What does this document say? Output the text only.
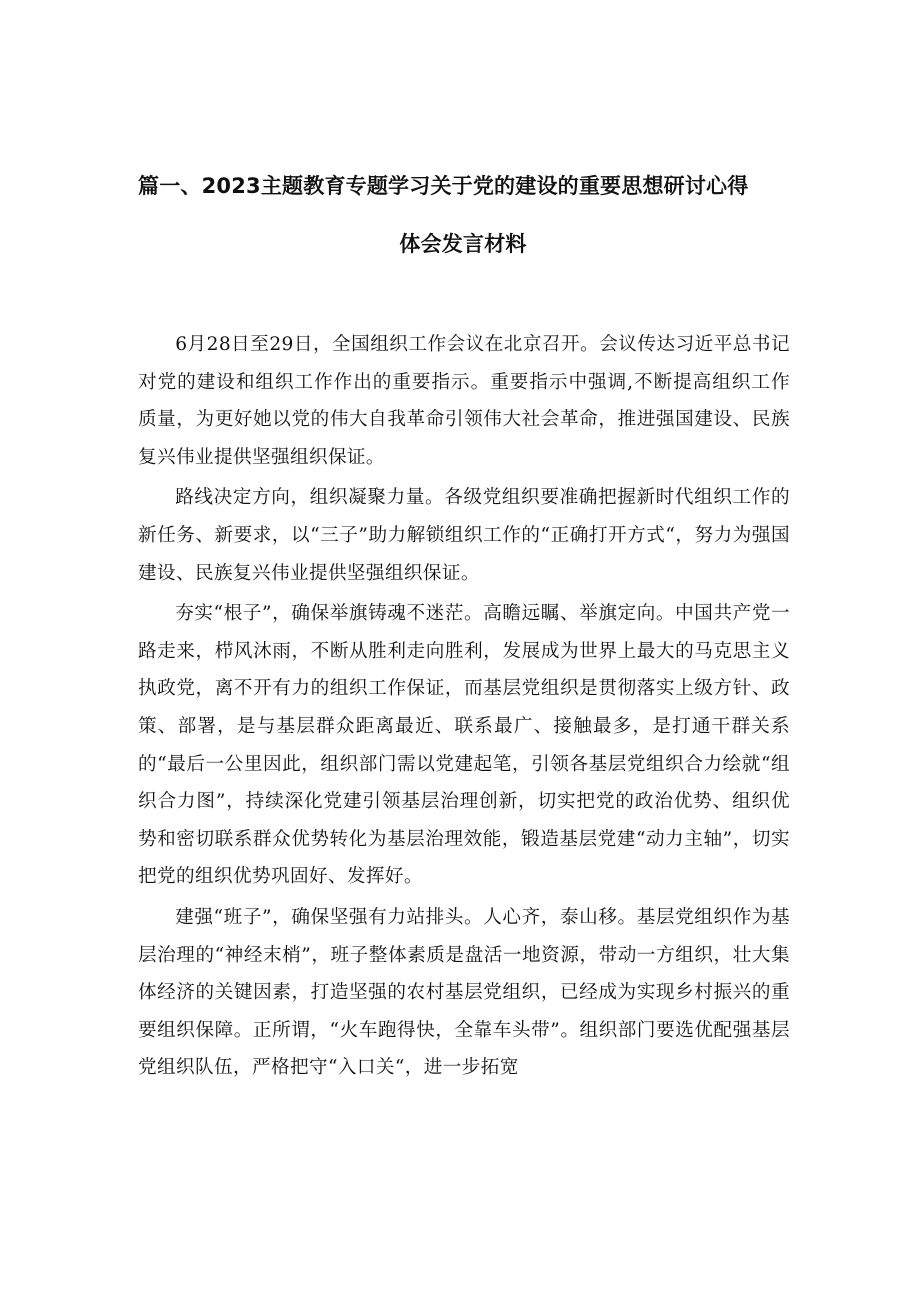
篇一、2023主题教育专题学习关于党的建设的重要思想研讨心得
体会发言材料

6月28日至29日，全国组织工作会议在北京召开。会议传达习近平总书记对党的建设和组织工作作出的重要指示。重要指示中强调,不断提高组织工作质量，为更好她以党的伟大自我革命引领伟大社会革命，推进强国建设、民族复兴伟业提供坚强组织保证。

路线决定方向，组织凝聚力量。各级党组织要准确把握新时代组织工作的新任务、新要求，以“三子”助力解锁组织工作的“正确打开方式“，努力为强国建设、民族复兴伟业提供坚强组织保证。

夯实“根子”，确保举旗铸魂不迷茫。高瞻远瞩、举旗定向。中国共产党一路走来，栉风沐雨，不断从胜利走向胜利，发展成为世界上最大的马克思主义执政党，离不开有力的组织工作保证，而基层党组织是贯彻落实上级方针、政策、部署，是与基层群众距离最近、联系最广、接触最多，是打通干群关系的“最后一公里因此，组织部门需以党建起笔，引领各基层党组织合力绘就“组织合力图”，持续深化党建引领基层治理创新，切实把党的政治优势、组织优势和密切联系群众优势转化为基层治理效能，锻造基层党建“动力主轴”，切实把党的组织优势巩固好、发挥好。

建强“班子”，确保坚强有力站排头。人心齐，泰山移。基层党组织作为基层治理的“神经末梢”，班子整体素质是盘活一地资源，带动一方组织，壮大集体经济的关键因素，打造坚强的农村基层党组织，已经成为实现乡村振兴的重要组织保障。正所谓，“火车跑得快，全靠车头带”。组织部门要选优配强基层党组织队伍，严格把守“入口关“，进一步拓宽
